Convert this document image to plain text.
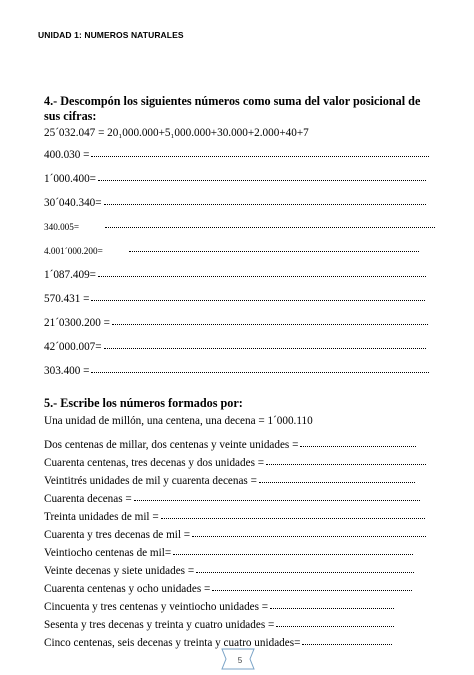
UNIDAD 1: NUMEROS NATURALES
4.- Descompón los siguientes números como suma del valor posicional de sus cifras:
25´032.047 = 20₁000.000+5₁000.000+30.000+2.000+40+7
400.030 =
1´000.400=
30´040.340=
340.005=
4.001´000.200=
1´087.409=
570.431 =
21´0300.200 =
42´000.007=
303.400 =
5.- Escribe los números formados por:
Una unidad de millón, una centena, una decena = 1´000.110
5
Dos centenas de millar, dos centenas y veinte unidades =
Cuarenta centenas, tres decenas y dos unidades =
Veintitrés unidades de mil y cuarenta decenas =
Cuarenta decenas =
Treinta unidades de mil =
Cuarenta y tres decenas de mil =
Veintiocho centenas de mil=
Veinte decenas y siete unidades =
Cuarenta centenas y ocho unidades =
Cincuenta y tres centenas y veintiocho unidades =
Sesenta y tres decenas y treinta y cuatro unidades =
Cinco centenas, seis decenas y treinta y cuatro unidades=
